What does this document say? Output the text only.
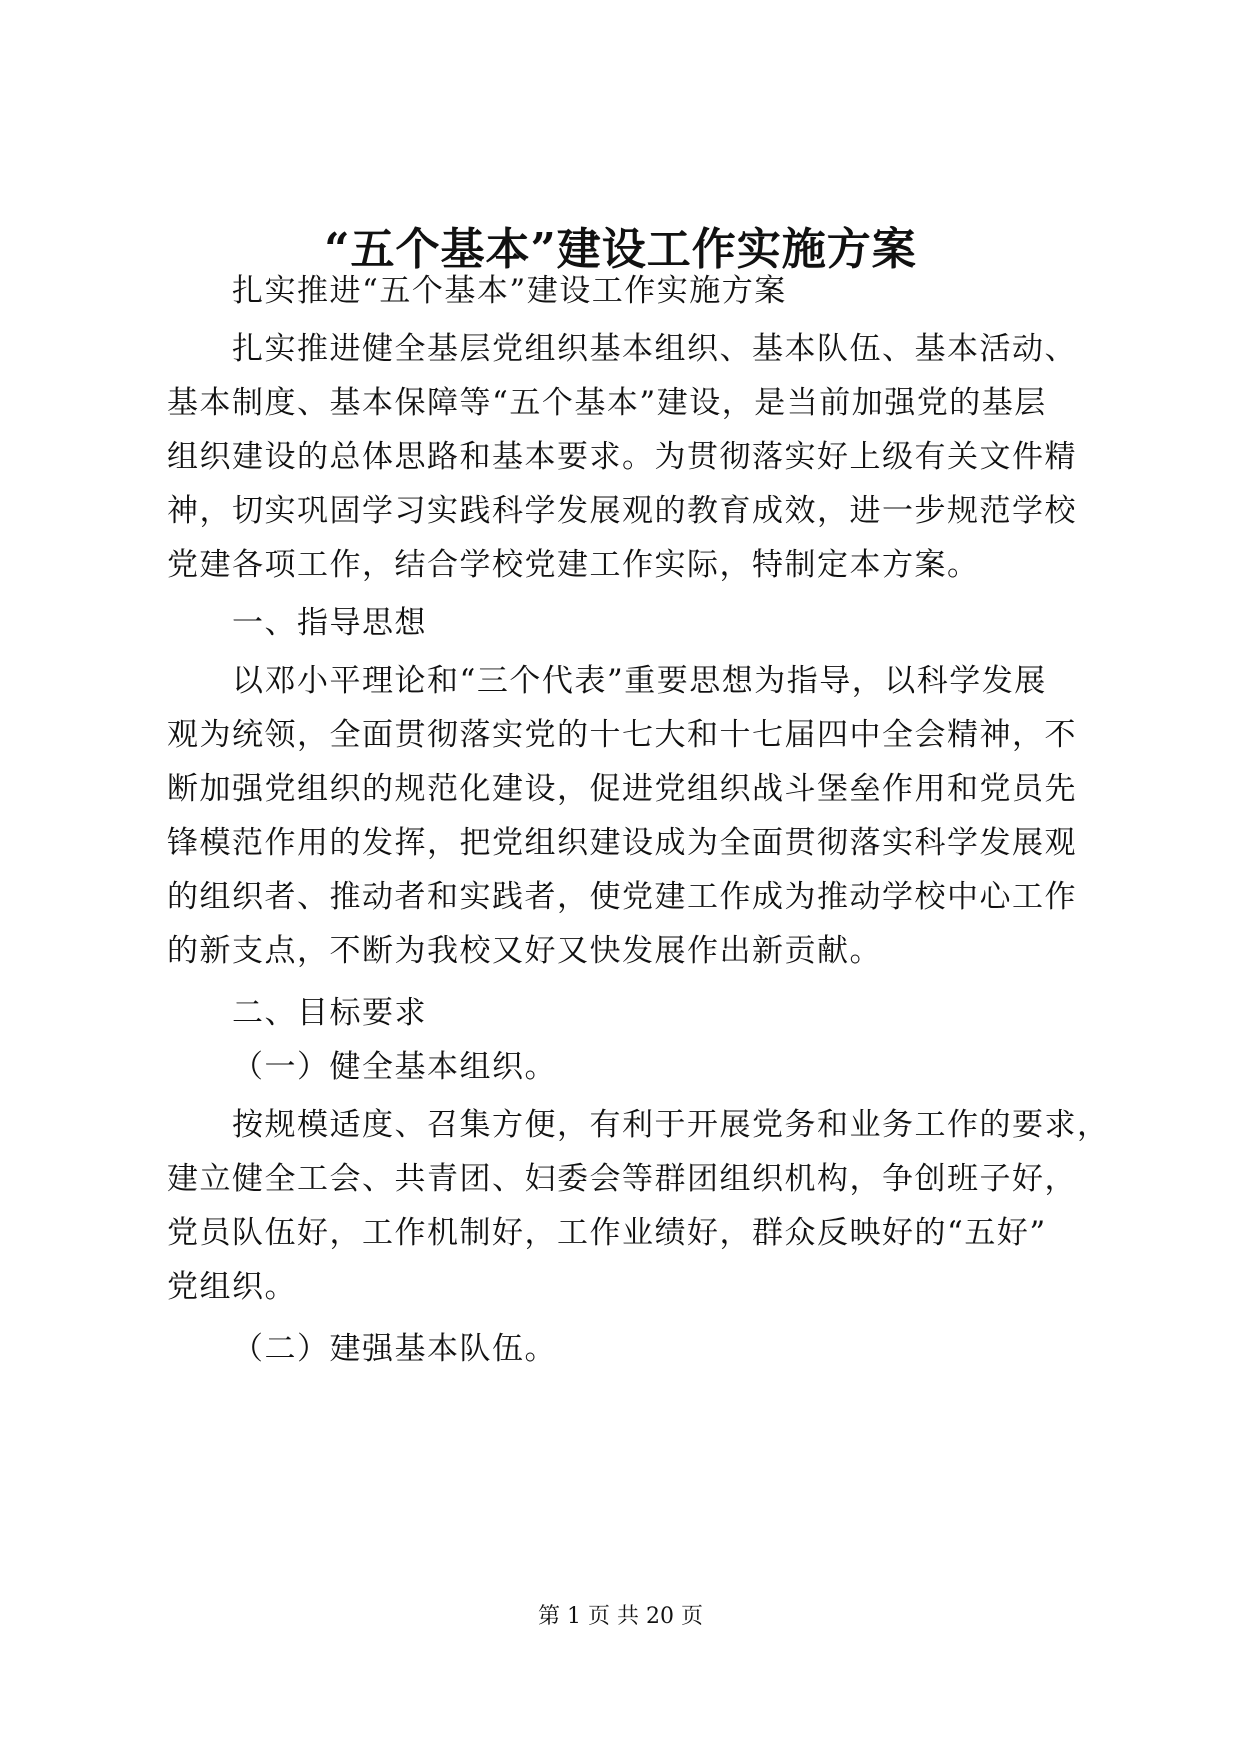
“五个基本”建设工作实施方案
扎实推进“五个基本”建设工作实施方案
扎实推进健全基层党组织基本组织、基本队伍、基本活动、
基本制度、基本保障等“五个基本”建设，是当前加强党的基层
组织建设的总体思路和基本要求。为贯彻落实好上级有关文件精
神，切实巩固学习实践科学发展观的教育成效，进一步规范学校
党建各项工作，结合学校党建工作实际，特制定本方案。
一、指导思想
以邓小平理论和“三个代表”重要思想为指导，以科学发展
观为统领，全面贯彻落实党的十七大和十七届四中全会精神，不
断加强党组织的规范化建设，促进党组织战斗堡垒作用和党员先
锋模范作用的发挥，把党组织建设成为全面贯彻落实科学发展观
的组织者、推动者和实践者，使党建工作成为推动学校中心工作
的新支点，不断为我校又好又快发展作出新贡献。
二、目标要求
（一）健全基本组织。
按规模适度、召集方便，有利于开展党务和业务工作的要求，
建立健全工会、共青团、妇委会等群团组织机构，争创班子好，
党员队伍好，工作机制好，工作业绩好，群众反映好的“五好”
党组织。
（二）建强基本队伍。
第 1 页 共 20 页
